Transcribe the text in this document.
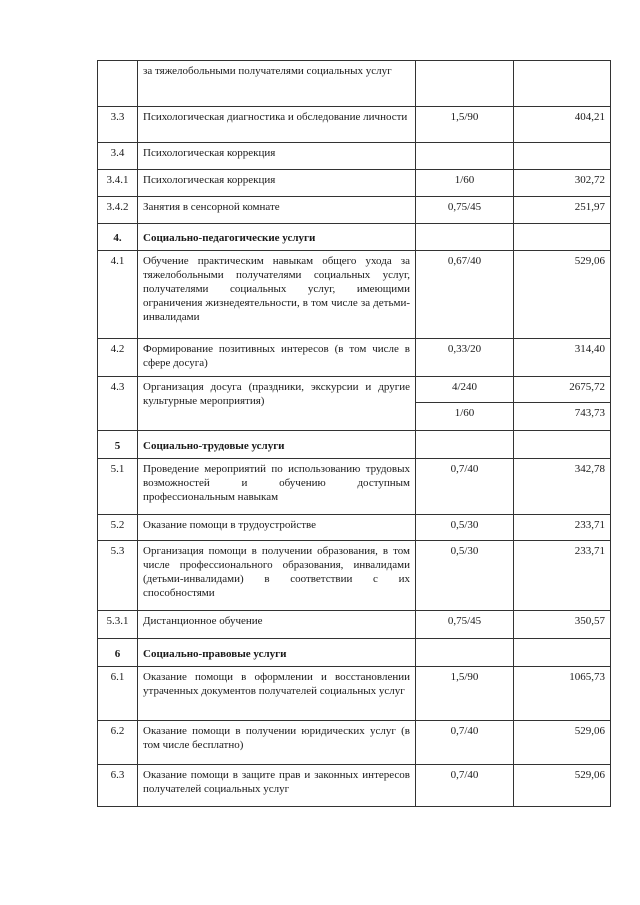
	за тяжелобольными получателями социальных услуг		
3.3	Психологическая диагностика и обследование личности	1,5/90	404,21
3.4	Психологическая коррекция		
3.4.1	Психологическая коррекция	1/60	302,72
3.4.2	Занятия в сенсорной комнате	0,75/45	251,97
4.	Социально-педагогические услуги		
4.1	Обучение практическим навыкам общего ухода за тяжелобольными получателями социальных услуг, получателями социальных услуг, имеющими ограничения жизнедеятельности, в том числе за детьми-инвалидами	0,67/40	529,06
4.2	Формирование позитивных интересов (в том числе в сфере досуга)	0,33/20	314,40
4.3	Организация досуга (праздники, экскурсии и другие культурные мероприятия)	4/240	2675,72
		1/60	743,73
5	Социально-трудовые услуги		
5.1	Проведение мероприятий по использованию трудовых возможностей и обучению доступным профессиональным навыкам	0,7/40	342,78
5.2	Оказание помощи в трудоустройстве	0,5/30	233,71
5.3	Организация помощи в получении образования, в том числе профессионального образования, инвалидами (детьми-инвалидами) в соответствии с их способностями	0,5/30	233,71
5.3.1	Дистанционное обучение	0,75/45	350,57
6	Социально-правовые услуги		
6.1	Оказание помощи в оформлении и восстановлении утраченных документов получателей социальных услуг	1,5/90	1065,73
6.2	Оказание помощи в получении юридических услуг (в том числе бесплатно)	0,7/40	529,06
6.3	Оказание помощи в защите прав и законных интересов получателей социальных услуг	0,7/40	529,06
